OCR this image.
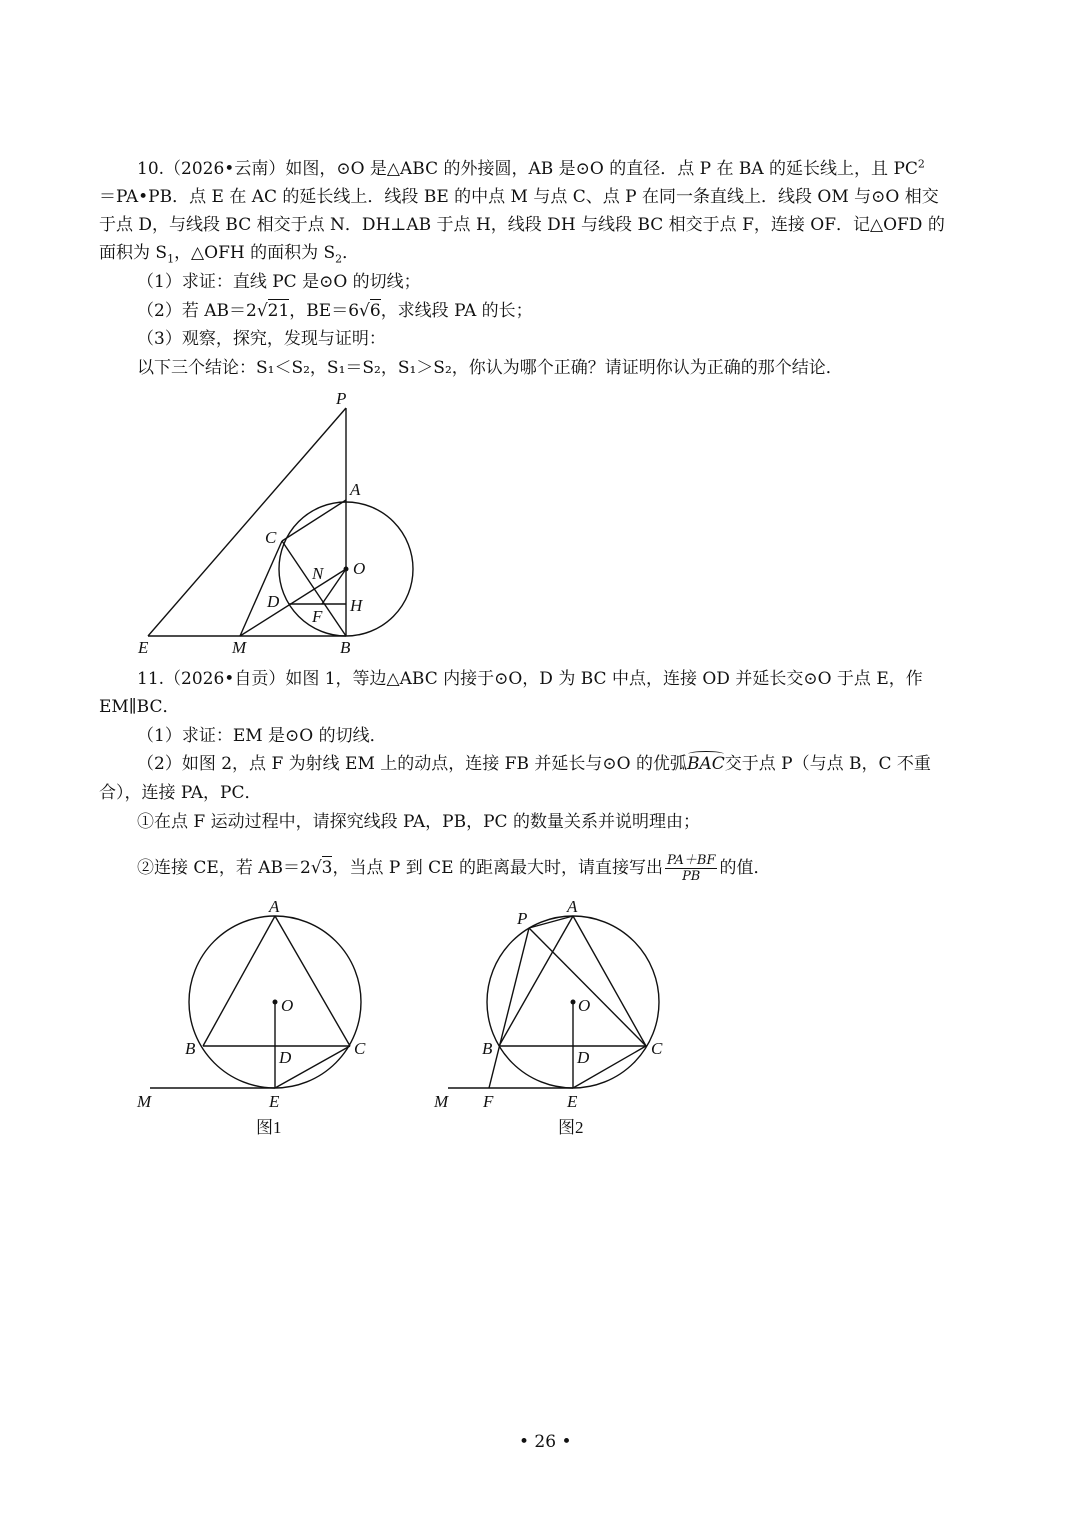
10.（2026•云南）如图，⊙O 是△ABC 的外接圆，AB 是⊙O 的直径．点 P 在 BA 的延长线上，且 $PC^2$
＝PA•PB．点 E 在 AC 的延长线上．线段 BE 的中点 M 与点 C、点 P 在同一条直线上．线段 OM 与⊙O 相交
于点 D，与线段 BC 相交于点 N．DH⊥AB 于点 H，线段 DH 与线段 BC 相交于点 F，连接 OF．记△OFD 的
面积为 $S_1$，△OFH 的面积为 $S_2$．
（1）求证：直线 PC 是⊙O 的切线；
（2）若 AB＝2√21，BE＝6√6，求线段 PA 的长；
（3）观察，探究，发现与证明：
以下三个结论：S₁＜S₂，S₁＝S₂，S₁＞S₂，你认为哪个正确？请证明你认为正确的那个结论．
P
A
C
O
N
D	H
F
E	M	B
11.（2026•自贡）如图 1，等边△ABC 内接于⊙O，D 为 BC 中点，连接 OD 并延长交⊙O 于点 E，作
EM∥BC．
（1）求证：EM 是⊙O 的切线．
（2）如图 2，点 F 为射线 EM 上的动点，连接 FB 并延长与⊙O 的优弧BAC交于点 P（与点 B，C 不重
合），连接 PA，PC．
①在点 F 运动过程中，请探究线段 PA，PB，PC 的数量关系并说明理由；
②连接 CE，若 AB＝2√3，当点 P 到 CE 的距离最大时，请直接写出 $\frac{PA+BF}{PB}$ 的值．
A
O
B	C
D
M	E
图1
P
A
O
B	C
D
M F	E
图2
• 26 •
